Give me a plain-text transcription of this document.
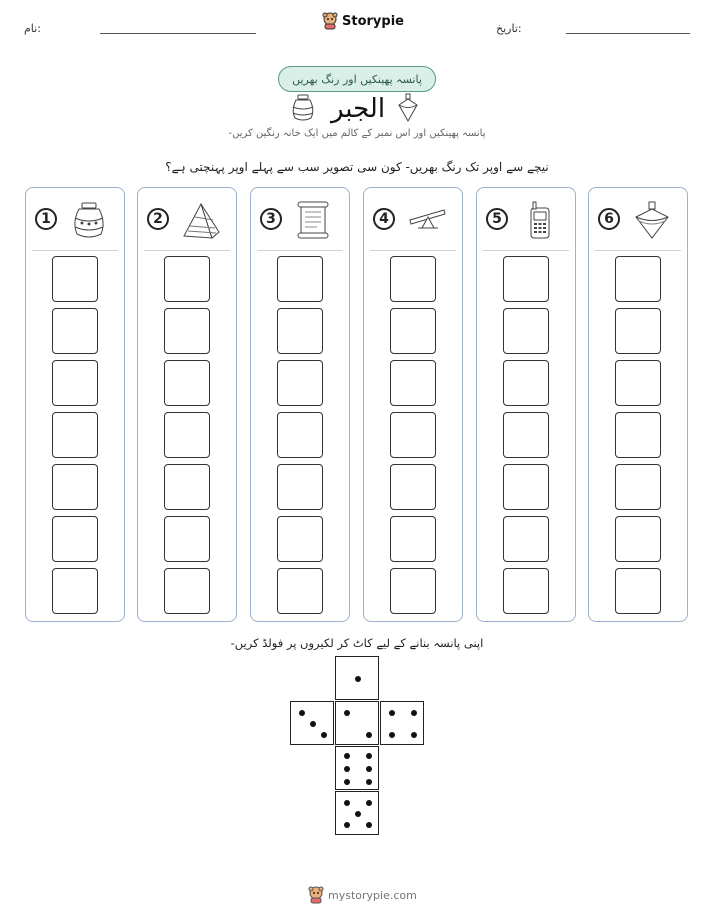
تاریخ:
Storypie
نام:
پانسہ پھینکیں اور رنگ بھریں
الجبر
پانسہ پھینکیں اور اس نمبر کے کالم میں ایک خانہ رنگین کریں-
نیچے سے اوپر تک رنگ بھریں- کون سی تصویر سب سے پہلے اوپر پہنچتی ہے؟
1	2	3	4	5	6
اپنی پانسہ بنانے کے لیے کاٹ کر لکیروں پر فولڈ کریں-
mystorypie.com
